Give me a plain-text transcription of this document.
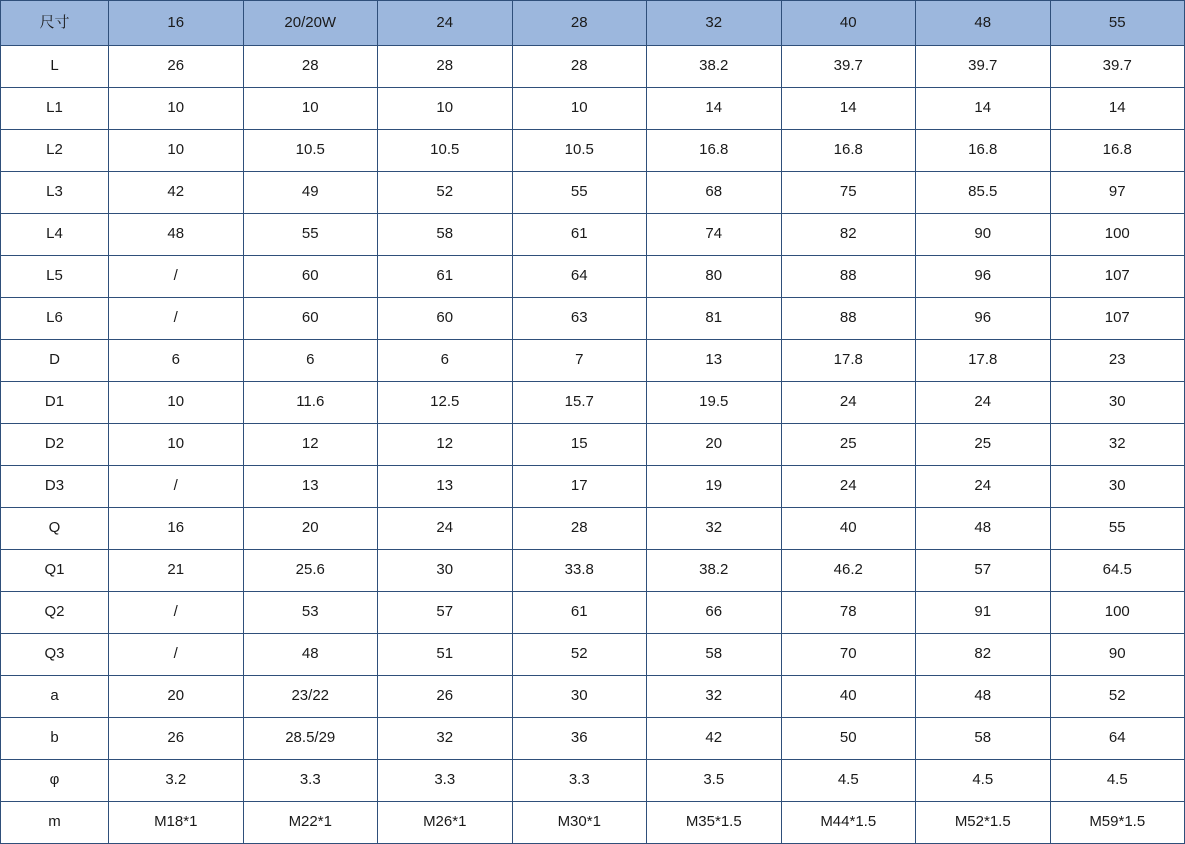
尺寸	16	20/20W	24	28	32	40	48	55
L	26	28	28	28	38.2	39.7	39.7	39.7
L1	10	10	10	10	14	14	14	14
L2	10	10.5	10.5	10.5	16.8	16.8	16.8	16.8
L3	42	49	52	55	68	75	85.5	97
L4	48	55	58	61	74	82	90	100
L5	/	60	61	64	80	88	96	107
L6	/	60	60	63	81	88	96	107
D	6	6	6	7	13	17.8	17.8	23
D1	10	11.6	12.5	15.7	19.5	24	24	30
D2	10	12	12	15	20	25	25	32
D3	/	13	13	17	19	24	24	30
Q	16	20	24	28	32	40	48	55
Q1	21	25.6	30	33.8	38.2	46.2	57	64.5
Q2	/	53	57	61	66	78	91	100
Q3	/	48	51	52	58	70	82	90
a	20	23/22	26	30	32	40	48	52
b	26	28.5/29	32	36	42	50	58	64
φ	3.2	3.3	3.3	3.3	3.5	4.5	4.5	4.5
m	M18*1	M22*1	M26*1	M30*1	M35*1.5	M44*1.5	M52*1.5	M59*1.5
